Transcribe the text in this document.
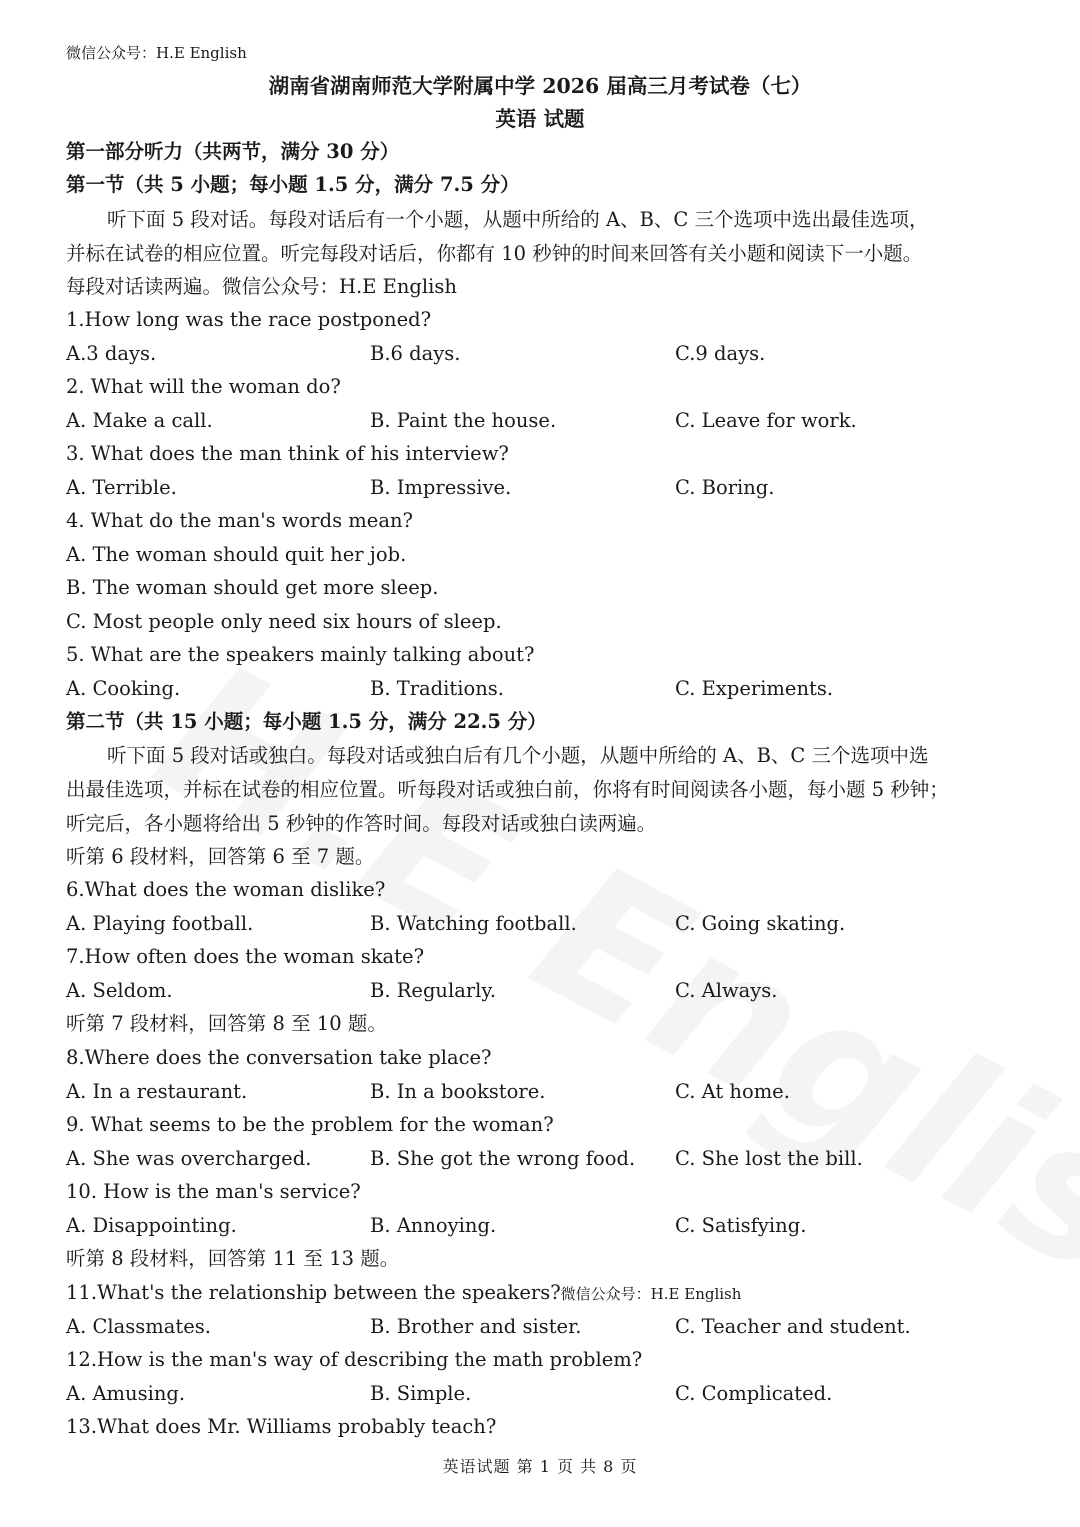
微信公众号：H.E English
湖南省湖南师范大学附属中学 2026 届高三月考试卷（七）
英语 试题
第一部分听力（共两节，满分 30 分）
第一节（共 5 小题；每小题 1.5 分，满分 7.5 分）
听下面 5 段对话。每段对话后有一个小题，从题中所给的 A、B、C 三个选项中选出最佳选项，
并标在试卷的相应位置。听完每段对话后，你都有 10 秒钟的时间来回答有关小题和阅读下一小题。
每段对话读两遍。微信公众号：H.E English
1.How long was the race postponed?
A.3 days.	B.6 days.	C.9 days.
2. What will the woman do?
A. Make a call.	B. Paint the house.	C. Leave for work.
3. What does the man think of his interview?
A. Terrible.	B. Impressive.	C. Boring.
4. What do the man's words mean?
A. The woman should quit her job.
B. The woman should get more sleep.
C. Most people only need six hours of sleep.
5. What are the speakers mainly talking about?
A. Cooking.	B. Traditions.	C. Experiments.
第二节（共 15 小题；每小题 1.5 分，满分 22.5 分）
听下面 5 段对话或独白。每段对话或独白后有几个小题，从题中所给的 A、B、C 三个选项中选
出最佳选项，并标在试卷的相应位置。听每段对话或独白前，你将有时间阅读各小题，每小题 5 秒钟；
听完后，各小题将给出 5 秒钟的作答时间。每段对话或独白读两遍。
听第 6 段材料，回答第 6 至 7 题。
6.What does the woman dislike?
A. Playing football.	B. Watching football.	C. Going skating.
7.How often does the woman skate?
A. Seldom.	B. Regularly.	C. Always.
听第 7 段材料，回答第 8 至 10 题。
8.Where does the conversation take place?
A. In a restaurant.	B. In a bookstore.	C. At home.
9. What seems to be the problem for the woman?
A. She was overcharged.	B. She got the wrong food. C. She lost the bill.
10. How is the man's service?
A. Disappointing.	B. Annoying.	C. Satisfying.
听第 8 段材料，回答第 11 至 13 题。
11.What's the relationship between the speakers?微信公众号：H.E English
A. Classmates.	B. Brother and sister.	C. Teacher and student.
12.How is the man's way of describing the math problem?
A. Amusing.	B. Simple.	C. Complicated.
13.What does Mr. Williams probably teach?
英语试题 第 1 页 共 8 页
